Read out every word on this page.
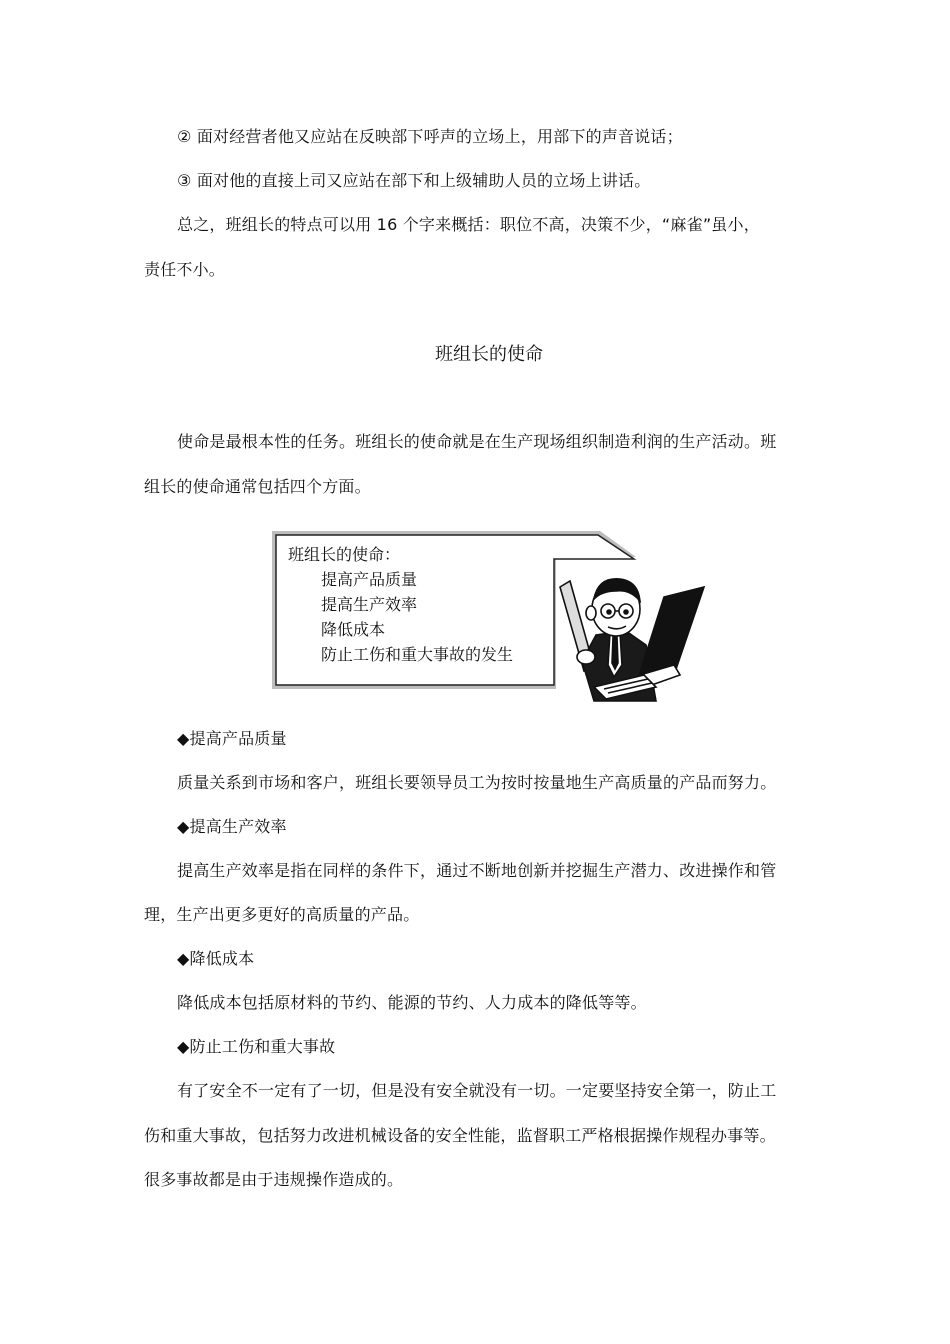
② 面对经营者他又应站在反映部下呼声的立场上，用部下的声音说话；
③ 面对他的直接上司又应站在部下和上级辅助人员的立场上讲话。
总之，班组长的特点可以用 16 个字来概括：职位不高，决策不少，“麻雀”虽小，
责任不小。
班组长的使命
使命是最根本性的任务。班组长的使命就是在生产现场组织制造利润的生产活动。班
组长的使命通常包括四个方面。
班组长的使命：
提高产品质量
提高生产效率
降低成本
防止工伤和重大事故的发生
◆提高产品质量
质量关系到市场和客户，班组长要领导员工为按时按量地生产高质量的产品而努力。
◆提高生产效率
提高生产效率是指在同样的条件下，通过不断地创新并挖掘生产潜力、改进操作和管
理，生产出更多更好的高质量的产品。
◆降低成本
降低成本包括原材料的节约、能源的节约、人力成本的降低等等。
◆防止工伤和重大事故
有了安全不一定有了一切，但是没有安全就没有一切。一定要坚持安全第一，防止工
伤和重大事故，包括努力改进机械设备的安全性能，监督职工严格根据操作规程办事等。
很多事故都是由于违规操作造成的。
